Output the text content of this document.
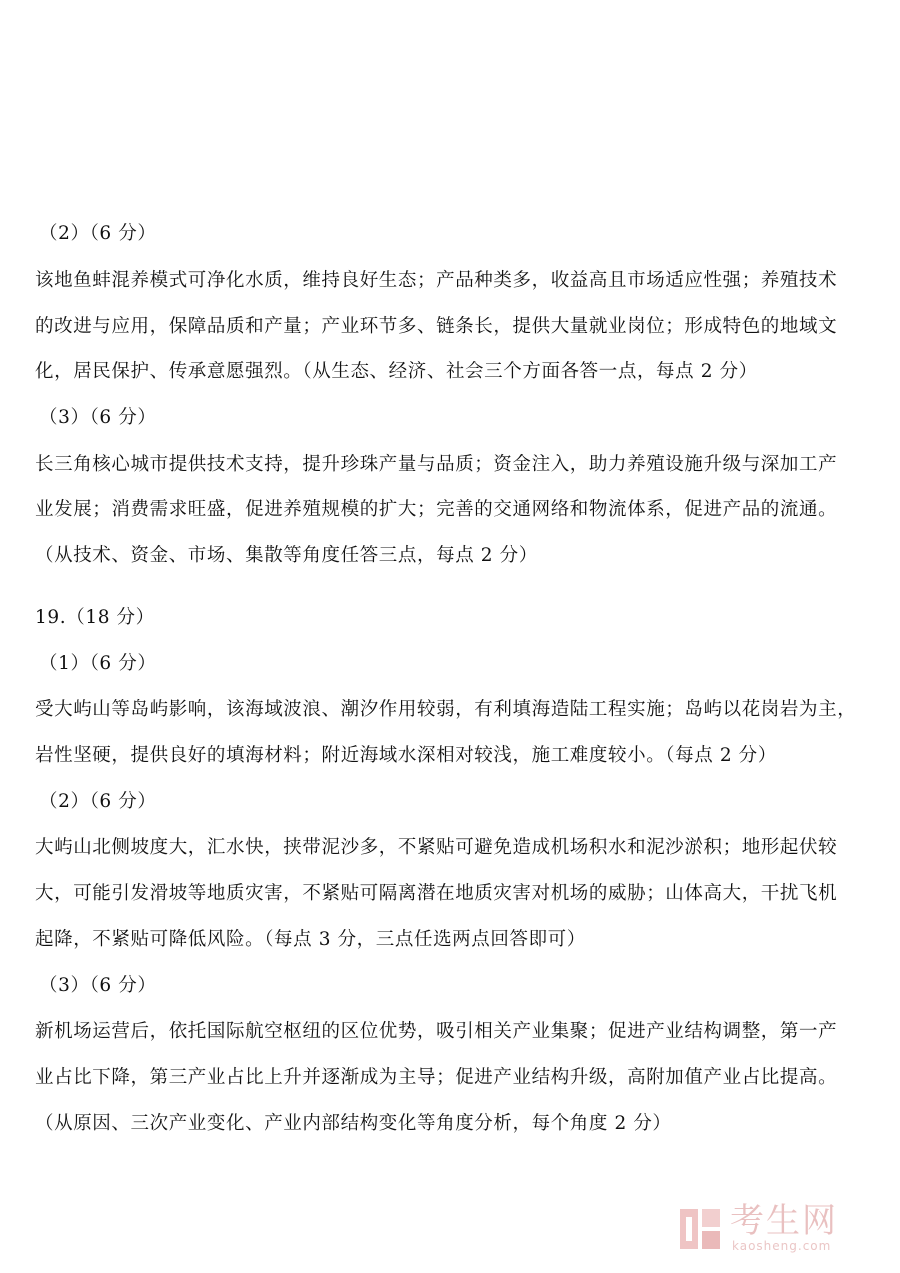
（2）（6 分）

该地鱼蚌混养模式可净化水质，维持良好生态；产品种类多，收益高且市场适应性强；养殖技术

的改进与应用，保障品质和产量；产业环节多、链条长，提供大量就业岗位；形成特色的地域文

化，居民保护、传承意愿强烈。（从生态、经济、社会三个方面各答一点，每点 2 分）

（3）（6 分）

长三角核心城市提供技术支持，提升珍珠产量与品质；资金注入，助力养殖设施升级与深加工产

业发展；消费需求旺盛，促进养殖规模的扩大；完善的交通网络和物流体系，促进产品的流通。

（从技术、资金、市场、集散等角度任答三点，每点 2 分）

19.（18 分）

（1）（6 分）

受大屿山等岛屿影响，该海域波浪、潮汐作用较弱，有利填海造陆工程实施；岛屿以花岗岩为主，

岩性坚硬，提供良好的填海材料；附近海域水深相对较浅，施工难度较小。（每点 2 分）

（2）（6 分）

大屿山北侧坡度大，汇水快，挟带泥沙多，不紧贴可避免造成机场积水和泥沙淤积；地形起伏较

大，可能引发滑坡等地质灾害，不紧贴可隔离潜在地质灾害对机场的威胁；山体高大，干扰飞机

起降，不紧贴可降低风险。（每点 3 分，三点任选两点回答即可）

（3）（6 分）

新机场运营后，依托国际航空枢纽的区位优势，吸引相关产业集聚；促进产业结构调整，第一产

业占比下降，第三产业占比上升并逐渐成为主导；促进产业结构升级，高附加值产业占比提高。

（从原因、三次产业变化、产业内部结构变化等角度分析，每个角度 2 分）

考生网
kaosheng.com
